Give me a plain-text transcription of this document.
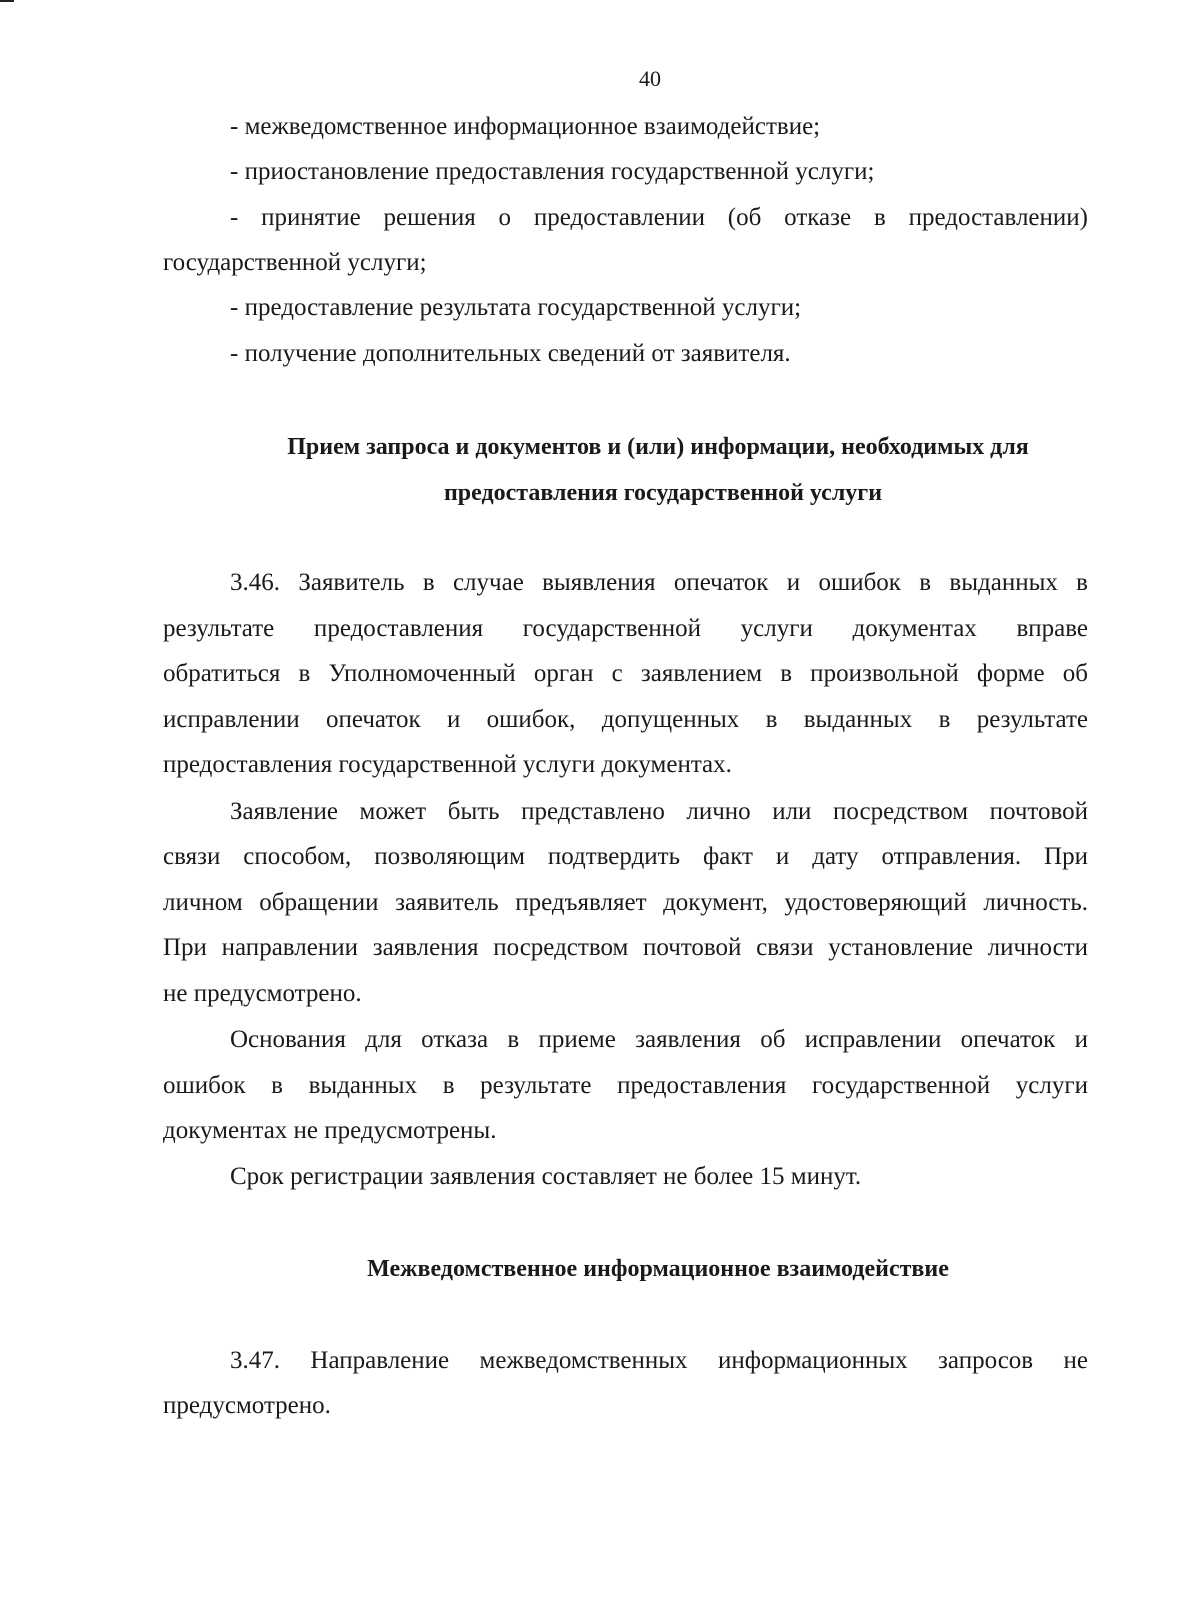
40
- межведомственное информационное взаимодействие;
- приостановление предоставления государственной услуги;
- принятие решения о предоставлении (об отказе в предоставлении)
государственной услуги;
- предоставление результата государственной услуги;
- получение дополнительных сведений от заявителя.
Прием запроса и документов и (или) информации, необходимых для
предоставления государственной услуги
3.46. Заявитель в случае выявления опечаток и ошибок в выданных в
результате предоставления государственной услуги документах вправе
обратиться в Уполномоченный орган с заявлением в произвольной форме об
исправлении опечаток и ошибок, допущенных в выданных в результате
предоставления государственной услуги документах.
Заявление может быть представлено лично или посредством почтовой
связи способом, позволяющим подтвердить факт и дату отправления. При
личном обращении заявитель предъявляет документ, удостоверяющий личность.
При направлении заявления посредством почтовой связи установление личности
не предусмотрено.
Основания для отказа в приеме заявления об исправлении опечаток и
ошибок в выданных в результате предоставления государственной услуги
документах не предусмотрены.
Срок регистрации заявления составляет не более 15 минут.
Межведомственное информационное взаимодействие
3.47. Направление межведомственных информационных запросов не
предусмотрено.
